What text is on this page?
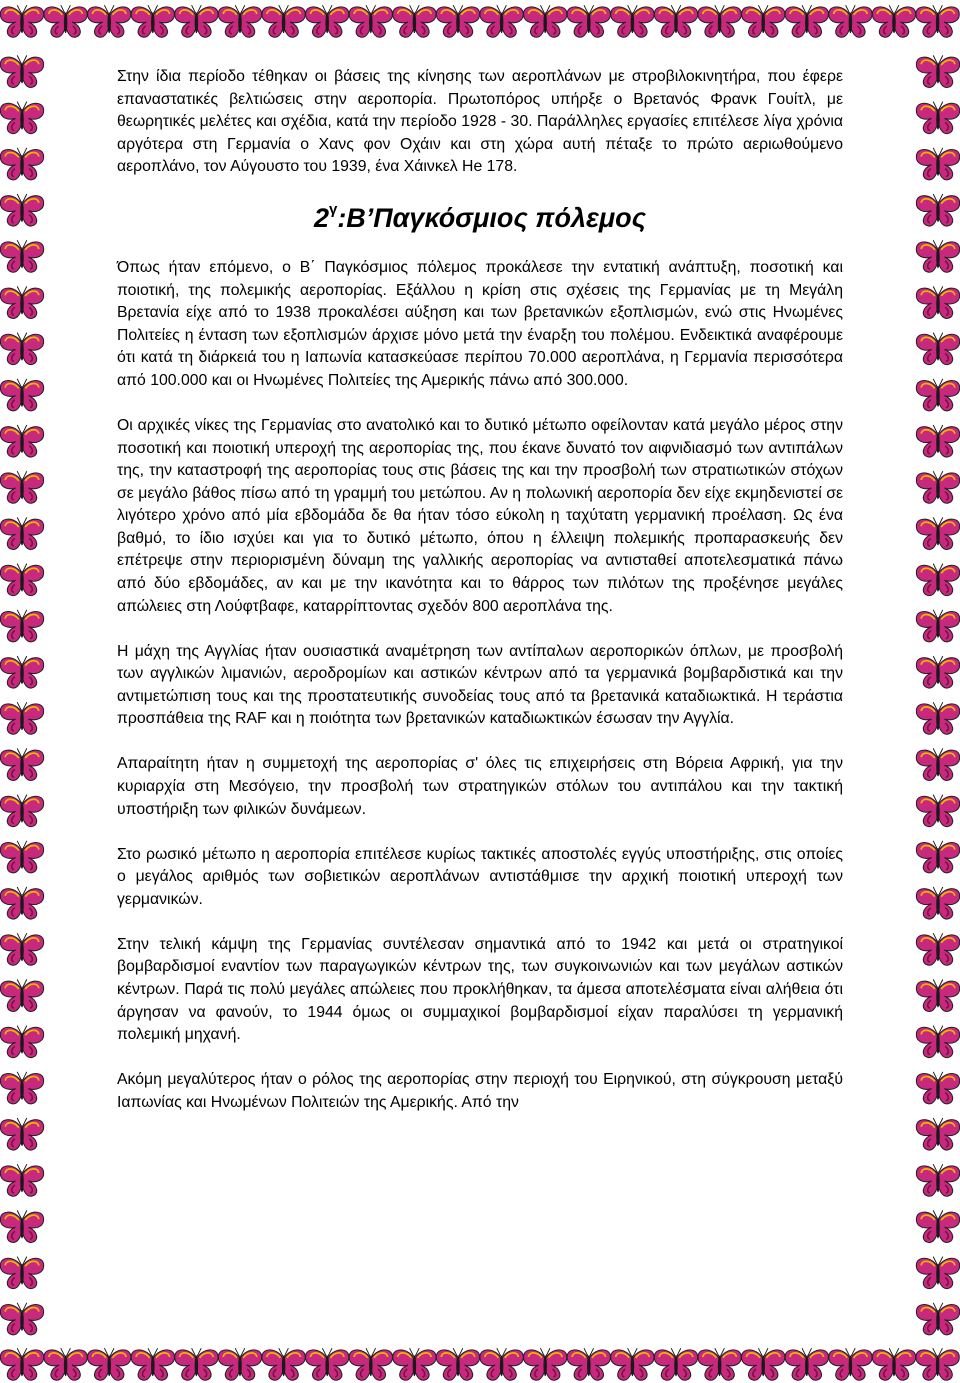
Στην ίδια περίοδο τέθηκαν οι βάσεις της κίνησης των αεροπλάνων με στροβιλοκινητήρα, που έφερε επαναστατικές βελτιώσεις στην αεροπορία. Πρωτοπόρος υπήρξε ο Βρετανός Φρανκ Γουίτλ, με θεωρητικές μελέτες και σχέδια, κατά την περίοδο 1928 - 30. Παράλληλες εργασίες επιτέλεσε λίγα χρόνια αργότερα στη Γερμανία ο Χανς φον Οχάιν και στη χώρα αυτή πέταξε το πρώτο αεριωθούμενο αεροπλάνο, τον Αύγουστο του 1939, ένα Χάινκελ He 178.

$2^\gamma:B’\Pi\alpha\gamma\kappa ό\sigma\mu\iota o\varsigma$ πόλεμος

Όπως ήταν επόμενο, ο Β΄ Παγκόσμιος πόλεμος προκάλεσε την εντατική ανάπτυξη, ποσοτική και ποιοτική, της πολεμικής αεροπορίας. Εξάλλου η κρίση στις σχέσεις της Γερμανίας με τη Μεγάλη Βρετανία είχε από το 1938 προκαλέσει αύξηση και των βρετανικών εξοπλισμών, ενώ στις Ηνωμένες Πολιτείες η ένταση των εξοπλισμών άρχισε μόνο μετά την έναρξη του πολέμου. Ενδεικτικά αναφέρουμε ότι κατά τη διάρκειά του η Ιαπωνία κατασκεύασε περίπου 70.000 αεροπλάνα, η Γερμανία περισσότερα από 100.000 και οι Ηνωμένες Πολιτείες της Αμερικής πάνω από 300.000.

Οι αρχικές νίκες της Γερμανίας στο ανατολικό και το δυτικό μέτωπο οφείλονταν κατά μεγάλο μέρος στην ποσοτική και ποιοτική υπεροχή της αεροπορίας της, που έκανε δυνατό τον αιφνιδιασμό των αντιπάλων της, την καταστροφή της αεροπορίας τους στις βάσεις της και την προσβολή των στρατιωτικών στόχων σε μεγάλο βάθος πίσω από τη γραμμή του μετώπου. Αν η πολωνική αεροπορία δεν είχε εκμηδενιστεί σε λιγότερο χρόνο από μία εβδομάδα δε θα ήταν τόσο εύκολη η ταχύτατη γερμανική προέλαση. Ως ένα βαθμό, το ίδιο ισχύει και για το δυτικό μέτωπο, όπου η έλλειψη πολεμικής προπαρασκευής δεν επέτρεψε στην περιορισμένη δύναμη της γαλλικής αεροπορίας να αντισταθεί αποτελεσματικά πάνω από δύο εβδομάδες, αν και με την ικανότητα και το θάρρος των πιλότων της προξένησε μεγάλες απώλειες στη Λούφτβαφε, καταρρίπτοντας σχεδόν 800 αεροπλάνα της.

Η μάχη της Αγγλίας ήταν ουσιαστικά αναμέτρηση των αντίπαλων αεροπορικών όπλων, με προσβολή των αγγλικών λιμανιών, αεροδρομίων και αστικών κέντρων από τα γερμανικά βομβαρδιστικά και την αντιμετώπιση τους και της προστατευτικής συνοδείας τους από τα βρετανικά καταδιωκτικά. Η τεράστια προσπάθεια της RAF και η ποιότητα των βρετανικών καταδιωκτικών έσωσαν την Αγγλία.

Απαραίτητη ήταν η συμμετοχή της αεροπορίας σ' όλες τις επιχειρήσεις στη Βόρεια Αφρική, για την κυριαρχία στη Μεσόγειο, την προσβολή των στρατηγικών στόλων του αντιπάλου και την τακτική υποστήριξη των φιλικών δυνάμεων.

Στο ρωσικό μέτωπο η αεροπορία επιτέλεσε κυρίως τακτικές αποστολές εγγύς υποστήριξης, στις οποίες ο μεγάλος αριθμός των σοβιετικών αεροπλάνων αντιστάθμισε την αρχική ποιοτική υπεροχή των γερμανικών.

Στην τελική κάμψη της Γερμανίας συντέλεσαν σημαντικά από το 1942 και μετά οι στρατηγικοί βομβαρδισμοί εναντίον των παραγωγικών κέντρων της, των συγκοινωνιών και των μεγάλων αστικών κέντρων. Παρά τις πολύ μεγάλες απώλειες που προκλήθηκαν, τα άμεσα αποτελέσματα είναι αλήθεια ότι άργησαν να φανούν, το 1944 όμως οι συμμαχικοί βομβαρδισμοί είχαν παραλύσει τη γερμανική πολεμική μηχανή.

Ακόμη μεγαλύτερος ήταν ο ρόλος της αεροπορίας στην περιοχή του Ειρηνικού, στη σύγκρουση μεταξύ Ιαπωνίας και Ηνωμένων Πολιτειών της Αμερικής. Από την
